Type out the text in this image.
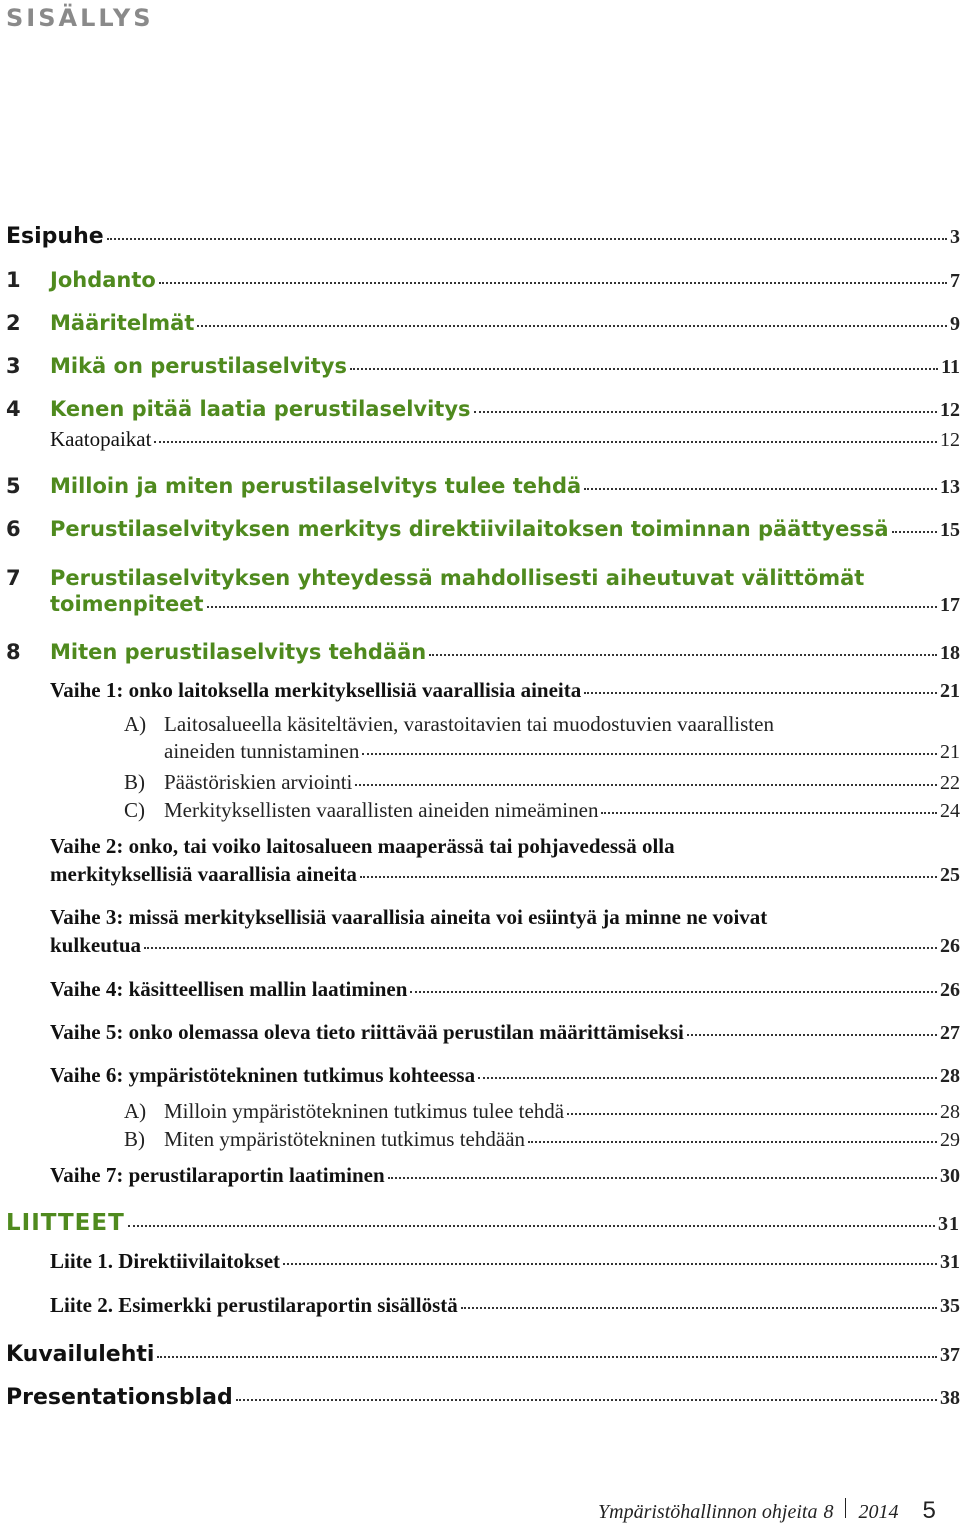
SISÄLLYS
Esipuhe	3
1	Johdanto	7
2	Määritelmät	9
3	Mikä on perustilaselvitys	11
4	Kenen pitää laatia perustilaselvitys	12
Kaatopaikat	12
5	Milloin ja miten perustilaselvitys tulee tehdä	13
6	Perustilaselvityksen merkitys direktiivilaitoksen toiminnan päättyessä	15
7	Perustilaselvityksen yhteydessä mahdollisesti aiheutuvat välittömät
toimenpiteet	17
8	Miten perustilaselvitys tehdään	18
Vaihe 1: onko laitoksella merkityksellisiä vaarallisia aineita	21
A) Laitosalueella käsiteltävien, varastoitavien tai muodostuvien vaarallisten
aineiden tunnistaminen	21
B) Päästöriskien arviointi	22
C) Merkityksellisten vaarallisten aineiden nimeäminen	24
Vaihe 2: onko, tai voiko laitosalueen maaperässä tai pohjavedessä olla
merkityksellisiä vaarallisia aineita	25
Vaihe 3: missä merkityksellisiä vaarallisia aineita voi esiintyä ja minne ne voivat
kulkeutua	26
Vaihe 4: käsitteellisen mallin laatiminen	26
Vaihe 5: onko olemassa oleva tieto riittävää perustilan määrittämiseksi	27
Vaihe 6: ympäristötekninen tutkimus kohteessa	28
A) Milloin ympäristötekninen tutkimus tulee tehdä	28
B) Miten ympäristötekninen tutkimus tehdään	29
Vaihe 7: perustilaraportin laatiminen	30
LIITTEET	31
Liite 1. Direktiivilaitokset	31
Liite 2. Esimerkki perustilaraportin sisällöstä	35
Kuvailulehti	37
Presentationsblad	38
Ympäristöhallinnon ohjeita 8 2014 5
